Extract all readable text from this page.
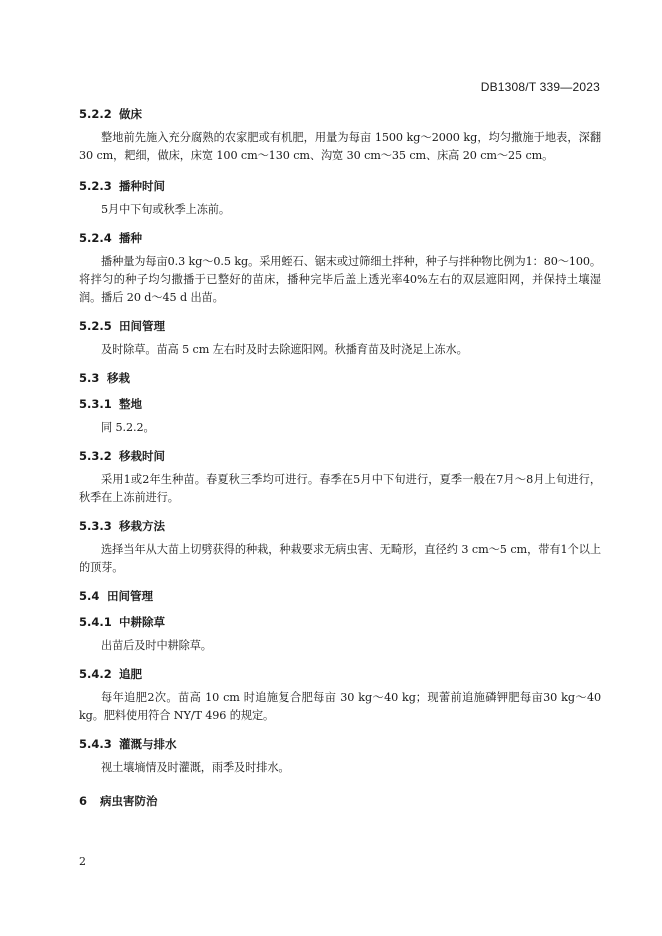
DB1308/T 339—2023
5.2.2 做床

整地前先施入充分腐熟的农家肥或有机肥，用量为每亩 1500 kg～2000 kg，均匀撒施于地表，深翻30 cm，耙细，做床，床宽 100 cm～130 cm、沟宽 30 cm～35 cm、床高 20 cm～25 cm。

5.2.3 播种时间

5月中下旬或秋季上冻前。

5.2.4 播种

播种量为每亩0.3 kg～0.5 kg。采用蛭石、锯末或过筛细土拌种，种子与拌种物比例为1：80～100。将拌匀的种子均匀撒播于已整好的苗床，播种完毕后盖上透光率40%左右的双层遮阳网，并保持土壤湿润。播后 20 d～45 d 出苗。

5.2.5 田间管理

及时除草。苗高 5 cm 左右时及时去除遮阳网。秋播育苗及时浇足上冻水。

5.3 移栽
5.3.1 整地

同 5.2.2。

5.3.2 移栽时间

采用1或2年生种苗。春夏秋三季均可进行。春季在5月中下旬进行，夏季一般在7月～8月上旬进行，秋季在上冻前进行。

5.3.3 移栽方法

选择当年从大苗上切劈获得的种栽，种栽要求无病虫害、无畸形，直径约 3 cm～5 cm，带有1个以上的顶芽。

5.4 田间管理
5.4.1 中耕除草

出苗后及时中耕除草。

5.4.2 追肥

每年追肥2次。苗高 10 cm 时追施复合肥每亩 30 kg～40 kg；现蕾前追施磷钾肥每亩30 kg～40 kg。肥料使用符合 NY/T 496 的规定。

5.4.3 灌溉与排水

视土壤墒情及时灌溉，雨季及时排水。

6 病虫害防治
2
